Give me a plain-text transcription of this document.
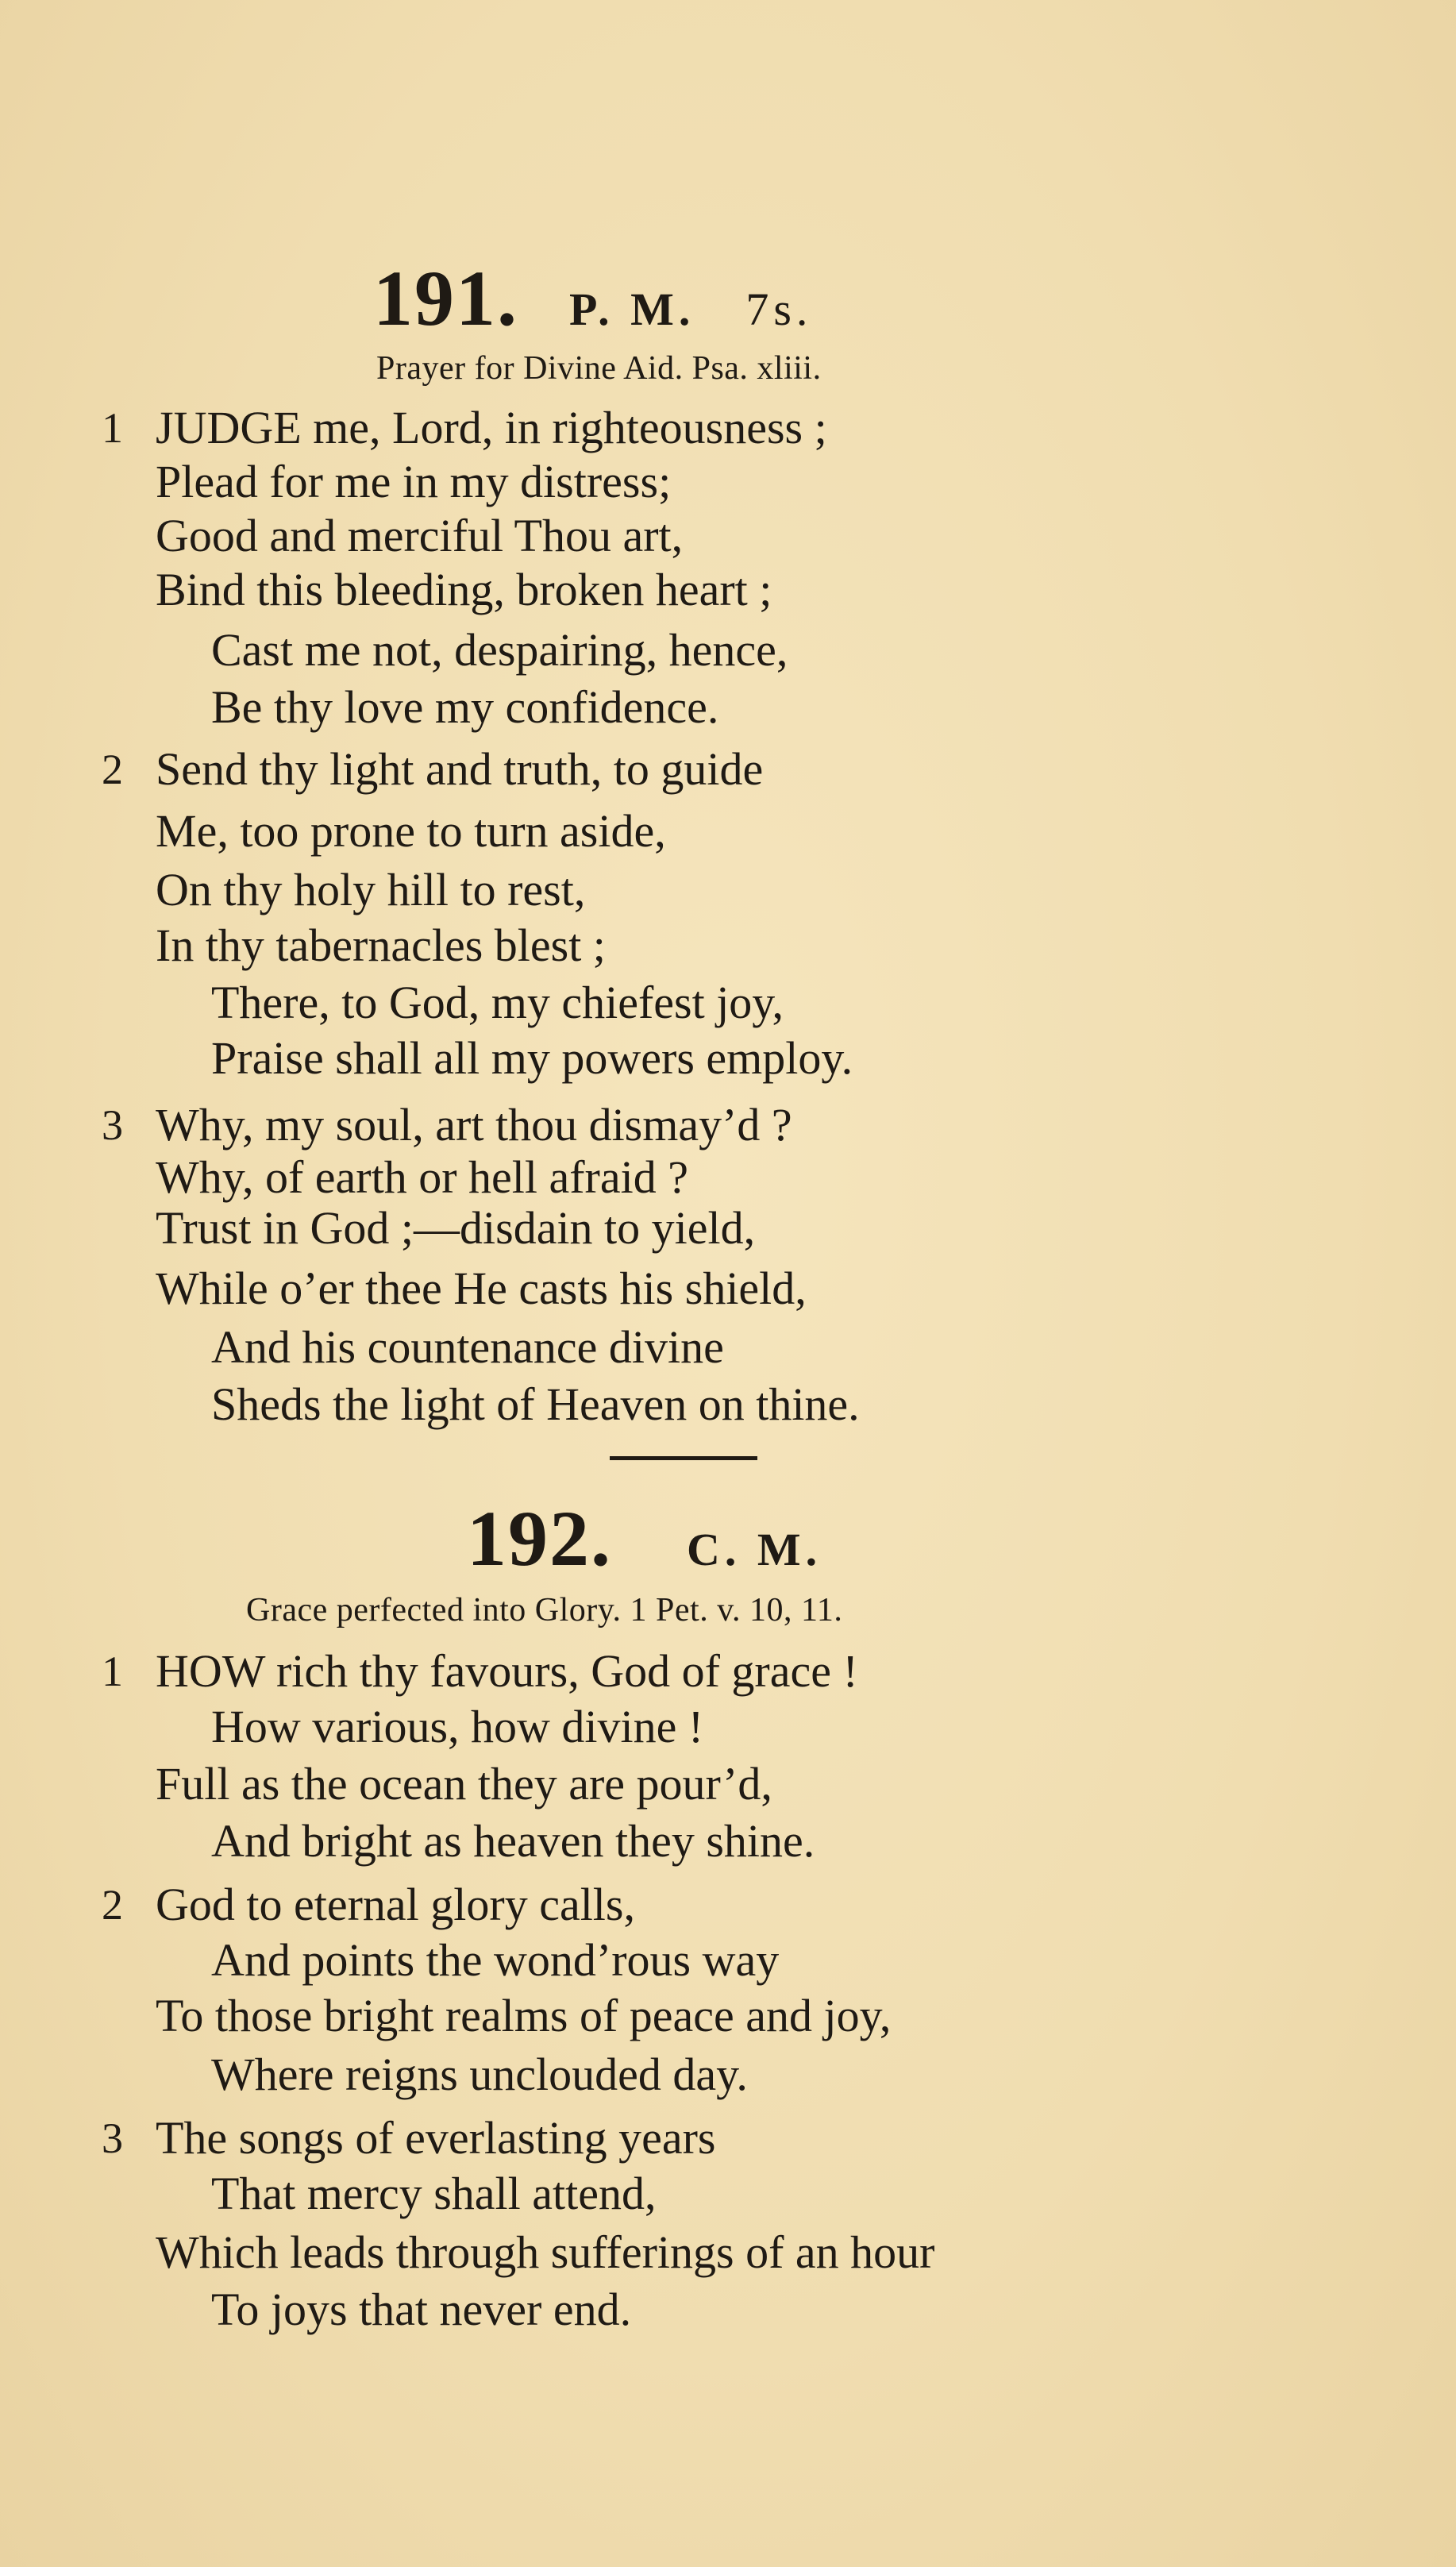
191. P. M. 7s.
Prayer for Divine Aid. Psa. xliii.
1 JUDGE me, Lord, in righteousness ;
Plead for me in my distress;
Good and merciful Thou art,
Bind this bleeding, broken heart ;
Cast me not, despairing, hence,
Be thy love my confidence.
2 Send thy light and truth, to guide
Me, too prone to turn aside,
On thy holy hill to rest,
In thy tabernacles blest ;
There, to God, my chiefest joy,
Praise shall all my powers employ.
3 Why, my soul, art thou dismay’d ?
Why, of earth or hell afraid ?
Trust in God ;—disdain to yield,
While o’er thee He casts his shield,
And his countenance divine
Sheds the light of Heaven on thine.
192. C. M.
Grace perfected into Glory. 1 Pet. v. 10, 11.
1 HOW rich thy favours, God of grace !
How various, how divine !
Full as the ocean they are pour’d,
And bright as heaven they shine.
2 God to eternal glory calls,
And points the wond’rous way
To those bright realms of peace and joy,
Where reigns unclouded day.
3 The songs of everlasting years
That mercy shall attend,
Which leads through sufferings of an hour
To joys that never end.
